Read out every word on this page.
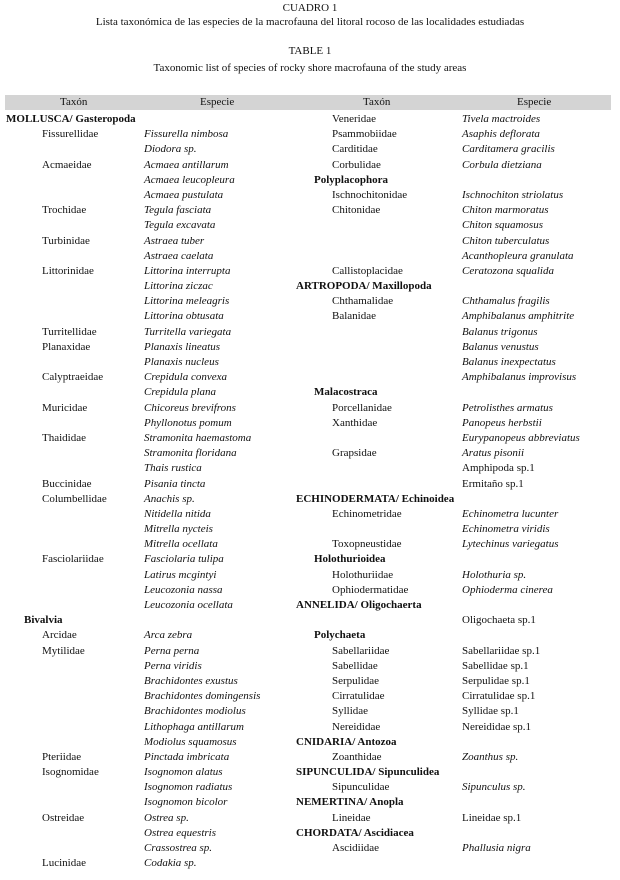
CUADRO 1
Lista taxonómica de las especies de la macrofauna del litoral rocoso de las localidades estudiadas
TABLE 1
Taxonomic list of species of rocky shore macrofauna of the study areas
Taxón	Especie	Taxón	Especie
MOLLUSCA/ Gasteropoda
Fissurellidae	Fissurella nimbosa
Diodora sp.
Acmaeidae	Acmaea antillarum
Acmaea leucopleura
Acmaea pustulata
Trochidae	Tegula fasciata
Tegula excavata
Turbinidae	Astraea tuber
Astraea caelata
Littorinidae	Littorina interrupta
Littorina ziczac
Littorina meleagris
Littorina obtusata
Turritellidae	Turritella variegata
Planaxidae	Planaxis lineatus
Planaxis nucleus
Calyptraeidae	Crepidula convexa
Crepidula plana
Muricidae	Chicoreus brevifrons
Phyllonotus pomum
Thaididae	Stramonita haemastoma
Stramonita floridana
Thais rustica
Buccinidae	Pisania tincta
Columbellidae	Anachis sp.
Nitidella nitida
Mitrella nycteis
Mitrella ocellata
Fasciolariidae	Fasciolaria tulipa
Latirus mcgintyi
Leucozonia nassa
Leucozonia ocellata
Bivalvia
Arcidae	Arca zebra
Mytilidae	Perna perna
Perna viridis
Brachidontes exustus
Brachidontes domingensis
Brachidontes modiolus
Lithophaga antillarum
Modiolus squamosus
Pteriidae	Pinctada imbricata
Isognomidae	Isognomon alatus
Isognomon radiatus
Isognomon bicolor
Ostreidae	Ostrea sp.
Ostrea equestris
Crassostrea sp.
Lucinidae	Codakia sp.
Veneridae	Tivela mactroides
Psammobiidae	Asaphis deflorata
Carditidae	Carditamera gracilis
Corbulidae	Corbula dietziana
Polyplacophora
Ischnochitonidae	Ischnochiton striolatus
Chitonidae	Chiton marmoratus
Chiton squamosus
Chiton tuberculatus
Acanthopleura granulata
Callistoplacidae	Ceratozona squalida
ARTROPODA/ Maxillopoda
Chthamalidae	Chthamalus fragilis
Balanidae	Amphibalanus amphitrite
Balanus trigonus
Balanus venustus
Balanus inexpectatus
Amphibalanus improvisus
Malacostraca
Porcellanidae	Petrolisthes armatus
Xanthidae	Panopeus herbstii
Eurypanopeus abbreviatus
Grapsidae	Aratus pisonii
Amphipoda sp.1
Ermitaño sp.1
ECHINODERMATA/ Echinoidea
Echinometridae	Echinometra lucunter
Echinometra viridis
Toxopneustidae	Lytechinus variegatus
Holothurioidea
Holothuriidae	Holothuria sp.
Ophiodermatidae	Ophioderma cinerea
ANNELIDA/ Oligochaerta
Oligochaeta sp.1
Polychaeta
Sabellariidae	Sabellariidae sp.1
Sabellidae	Sabellidae sp.1
Serpulidae	Serpulidae sp.1
Cirratulidae	Cirratulidae sp.1
Syllidae	Syllidae sp.1
Nereididae	Nereididae sp.1
CNIDARIA/ Antozoa
Zoanthidae	Zoanthus sp.
SIPUNCULIDA/ Sipunculidea
Sipunculidae	Sipunculus sp.
NEMERTINA/ Anopla
Lineidae	Lineidae sp.1
CHORDATA/ Ascidiacea
Ascidiidae	Phallusia nigra
